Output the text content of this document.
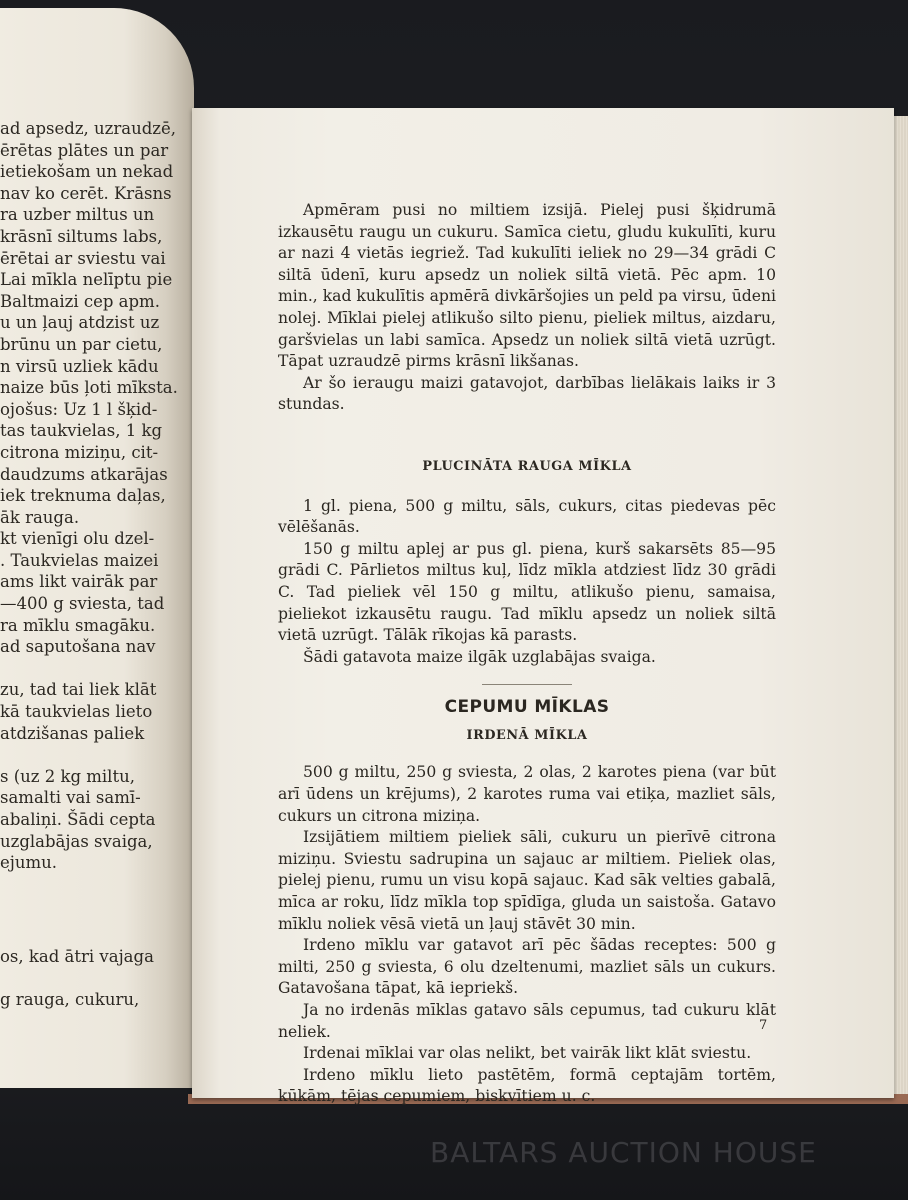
ad apsedz, uzraudzē,
ērētas plātes un par
ietiekošam un nekad
nav ko cerēt. Krāsns
ra uzber miltus un
krāsnī siltums labs,
ērētai ar sviestu vai
Lai mīkla nelīptu pie
Baltmaizi cep apm.
u un ļauj atdzist uz
brūnu un par cietu,
n virsū uzliek kādu
naize būs ļoti mīksta.
ojošus: Uz 1 l šķid-
tas taukvielas, 1 kg
citrona miziņu, cit-
daudzums atkarājas
iek treknuma daļas,
āk rauga.
kt vienīgi olu dzel-
. Taukvielas maizei
ams likt vairāk par
—400 g sviesta, tad
ra mīklu smagāku.
ad saputošana nav
zu, tad tai liek klāt
kā taukvielas lieto
atdzišanas paliek
s (uz 2 kg miltu,
samalti vai samī-
abaliņi. Šādi cepta
uzglabājas svaiga,
ejumu.
os, kad ātri vajaga
g rauga, cukuru,

Apmēram pusi no miltiem izsijā. Pielej pusi šķidrumā izkausētu raugu un cukuru. Samīca cietu, gludu kukulīti, kuru ar nazi 4 vietās iegriež. Tad kukulīti ieliek no 29—34 grādi C siltā ūdenī, kuru apsedz un noliek siltā vietā. Pēc apm. 10 min., kad kukulītis apmērā divkāršojies un peld pa virsu, ūdeni nolej. Mīklai pielej atlikušo silto pienu, pieliek miltus, aizdaru, garšvielas un labi samīca. Apsedz un noliek siltā vietā uzrūgt. Tāpat uzraudzē pirms krāsnī likšanas.

Ar šo ieraugu maizi gatavojot, darbības lielākais laiks ir 3 stundas.

PLUCINĀTA RAUGA MĪKLA

1 gl. piena, 500 g miltu, sāls, cukurs, citas piedevas pēc vēlēšanās.

150 g miltu aplej ar pus gl. piena, kurš sakarsēts 85—95 grādi C. Pārlietos miltus kuļ, līdz mīkla atdziest līdz 30 grādi C. Tad pieliek vēl 150 g miltu, atlikušo pienu, samaisa, pieliekot izkausētu raugu. Tad mīklu apsedz un noliek siltā vietā uzrūgt. Tālāk rīkojas kā parasts.

Šādi gatavota maize ilgāk uzglabājas svaiga.

CEPUMU MĪKLAS
IRDENĀ MĪKLA

500 g miltu, 250 g sviesta, 2 olas, 2 karotes piena (var būt arī ūdens un krējums), 2 karotes ruma vai etiķa, mazliet sāls, cukurs un citrona miziņa.

Izsijātiem miltiem pieliek sāli, cukuru un pierīvē citrona miziņu. Sviestu sadrupina un sajauc ar miltiem. Pieliek olas, pielej pienu, rumu un visu kopā sajauc. Kad sāk velties gabalā, mīca ar roku, līdz mīkla top spīdīga, gluda un saistoša. Gatavo mīklu noliek vēsā vietā un ļauj stāvēt 30 min.

Irdeno mīklu var gatavot arī pēc šādas receptes: 500 g milti, 250 g sviesta, 6 olu dzeltenumi, mazliet sāls un cukurs. Gatavošana tāpat, kā iepriekš.

Ja no irdenās mīklas gatavo sāls cepumus, tad cukuru klāt neliek.

Irdenai mīklai var olas nelikt, bet vairāk likt klāt sviestu.

Irdeno mīklu lieto pastētēm, formā ceptajām tortēm, kūkām, tējas cepumiem, biskvītiem u. c.

7
BALTARS AUCTION HOUSE
